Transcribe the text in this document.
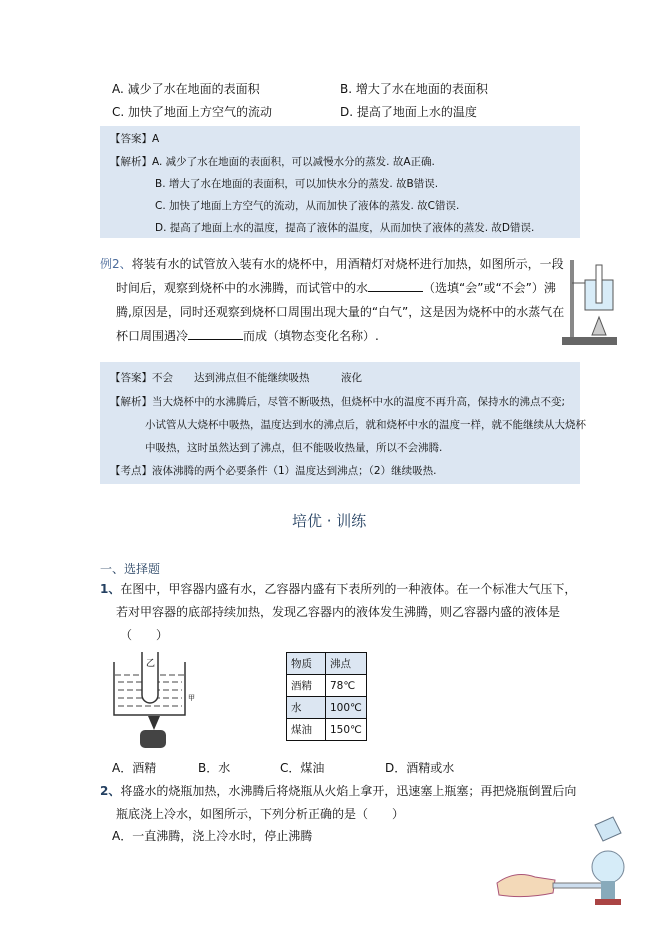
A. 减少了水在地面的表面积	B. 增大了水在地面的表面积
C. 加快了地面上方空气的流动	D. 提高了地面上水的温度
【答案】A
【解析】A. 减少了水在地面的表面积，可以减慢水分的蒸发. 故A正确.
B. 增大了水在地面的表面积，可以加快水分的蒸发. 故B错误.
C. 加快了地面上方空气的流动，从而加快了液体的蒸发. 故C错误.
D. 提高了地面上水的温度，提高了液体的温度，从而加快了液体的蒸发. 故D错误.
例2、将装有水的试管放入装有水的烧杯中，用酒精灯对烧杯进行加热，如图所示，一段
时间后，观察到烧杯中的水沸腾，而试管中的水	（选填“会”或“不会”）沸
腾,原因是，同时还观察到烧杯口周围出现大量的“白气”，这是因为烧杯中的水蒸气在
杯口周围遇冷	而成（填物态变化名称）.
【答案】不会　　达到沸点但不能继续吸热　　　液化
【解析】当大烧杯中的水沸腾后，尽管不断吸热，但烧杯中水的温度不再升高，保持水的沸点不变;
小试管从大烧杯中吸热，温度达到水的沸点后，就和烧杯中水的温度一样，就不能继续从大烧杯
中吸热，这时虽然达到了沸点，但不能吸收热量，所以不会沸腾.
【考点】液体沸腾的两个必要条件（1）温度达到沸点；（2）继续吸热.
培优 · 训练
一、选择题
1、在图中，甲容器内盛有水，乙容器内盛有下表所列的一种液体。在一个标准大气压下，
若对甲容器的底部持续加热，发现乙容器内的液体发生沸腾，则乙容器内盛的液体是
（　　）
乙
甲
物质	沸点
酒精	78℃
水	100℃
煤油	150℃
A．酒精	B．水	C．煤油	D．酒精或水
2、将盛水的烧瓶加热，水沸腾后将烧瓶从火焰上拿开，迅速塞上瓶塞；再把烧瓶倒置后向
瓶底浇上冷水，如图所示，下列分析正确的是（　　）
A．一直沸腾，浇上冷水时，停止沸腾
